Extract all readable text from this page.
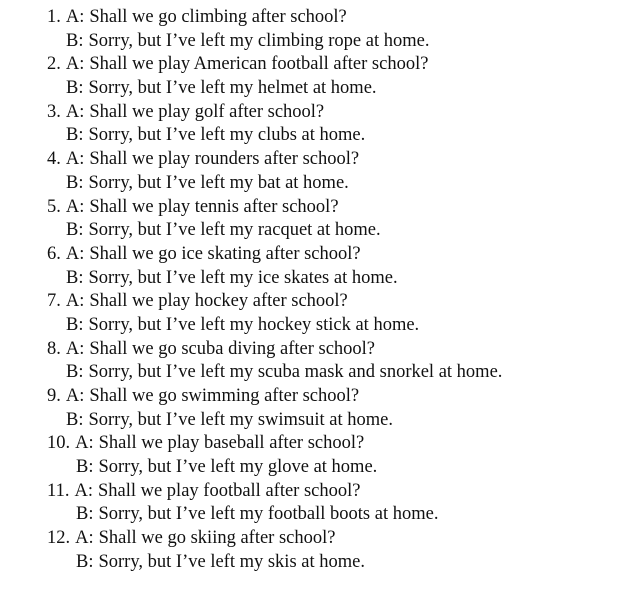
1. A: Shall we go climbing after school?
B: Sorry, but I’ve left my climbing rope at home.
2. A: Shall we play American football after school?
B: Sorry, but I’ve left my helmet at home.
3. A: Shall we play golf after school?
B: Sorry, but I’ve left my clubs at home.
4. A: Shall we play rounders after school?
B: Sorry, but I’ve left my bat at home.
5. A: Shall we play tennis after school?
B: Sorry, but I’ve left my racquet at home.
6. A: Shall we go ice skating after school?
B: Sorry, but I’ve left my ice skates at home.
7. A: Shall we play hockey after school?
B: Sorry, but I’ve left my hockey stick at home.
8. A: Shall we go scuba diving after school?
B: Sorry, but I’ve left my scuba mask and snorkel at home.
9. A: Shall we go swimming after school?
B: Sorry, but I’ve left my swimsuit at home.
10. A: Shall we play baseball after school?
B: Sorry, but I’ve left my glove at home.
11. A: Shall we play football after school?
B: Sorry, but I’ve left my football boots at home.
12. A: Shall we go skiing after school?
B: Sorry, but I’ve left my skis at home.
